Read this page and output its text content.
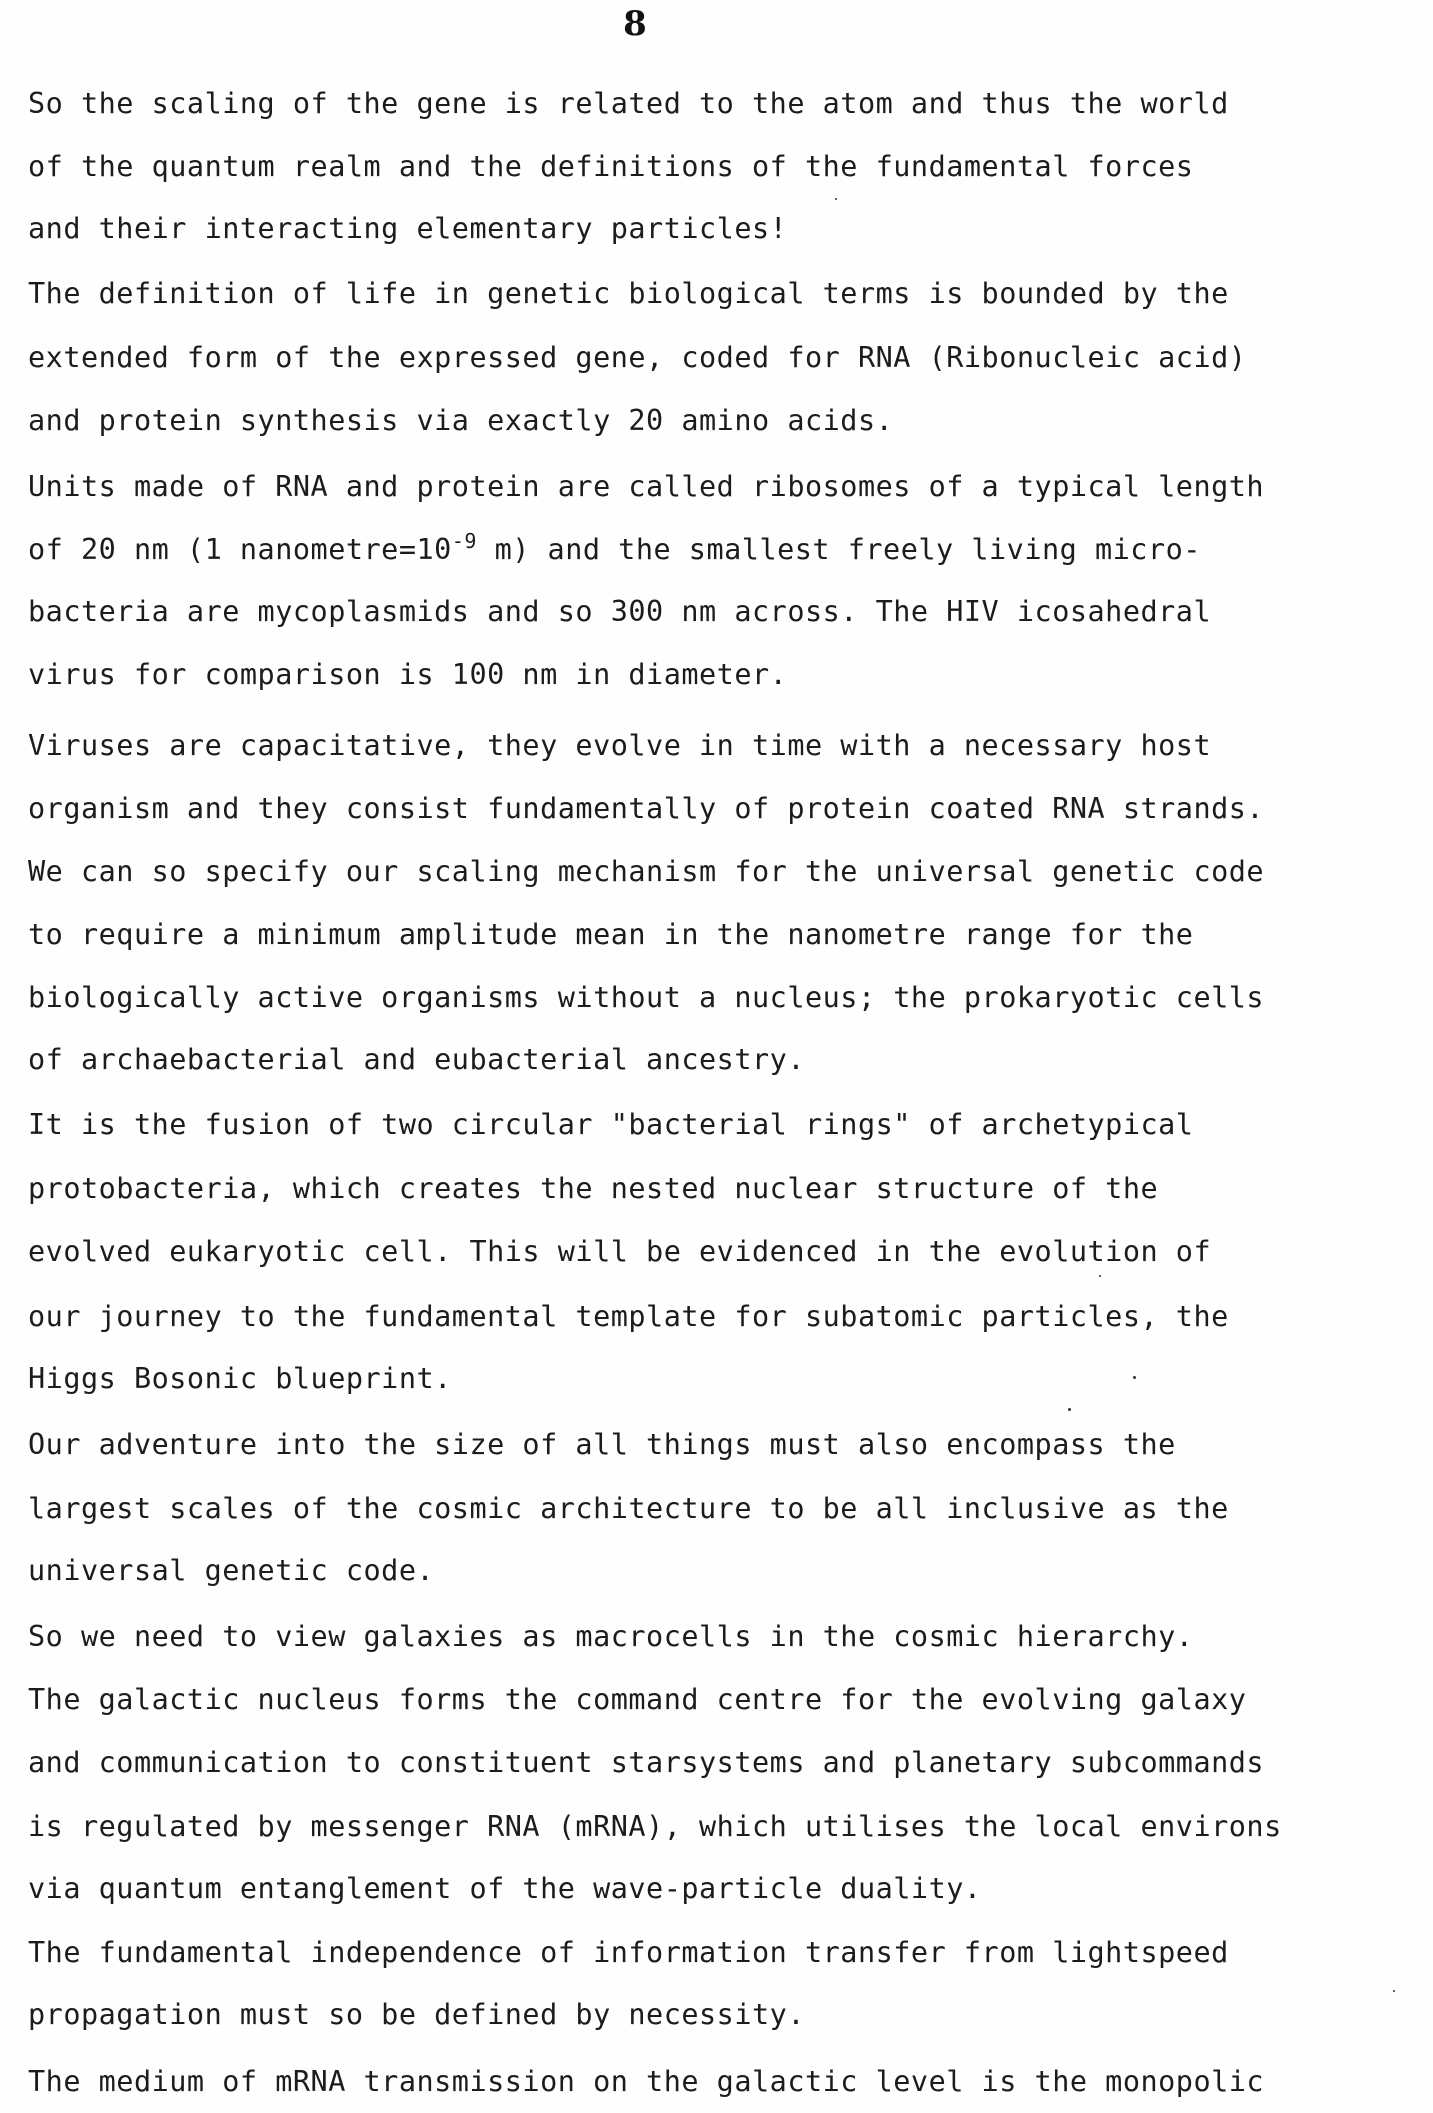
8
So the scaling of the gene is related to the atom and thus the world
of the quantum realm and the definitions of the fundamental forces
and their interacting elementary particles!
The definition of life in genetic biological terms is bounded by the
extended form of the expressed gene, coded for RNA (Ribonucleic acid)
and protein synthesis via exactly 20 amino acids.
Units made of RNA and protein are called ribosomes of a typical length
of 20 nm (1 $nanometre=10^{-9}$ m) and the smallest freely living micro-
bacteria are mycoplasmids and so 300 nm across. The HIV icosahedral
virus for comparison is 100 nm in diameter.
Viruses are capacitative, they evolve in time with a necessary host
organism and they consist fundamentally of protein coated RNA strands.
We can so specify our scaling mechanism for the universal genetic code
to require a minimum amplitude mean in the nanometre range for the
biologically active organisms without a nucleus; the prokaryotic cells
of archaebacterial and eubacterial ancestry.
It is the fusion of two circular "bacterial rings" of archetypical
protobacteria, which creates the nested nuclear structure of the
evolved eukaryotic cell. This will be evidenced in the evolution of
our journey to the fundamental template for subatomic particles, the
Higgs Bosonic blueprint.
Our adventure into the size of all things must also encompass the
largest scales of the cosmic architecture to be all inclusive as the
universal genetic code.
So we need to view galaxies as macrocells in the cosmic hierarchy.
The galactic nucleus forms the command centre for the evolving galaxy
and communication to constituent starsystems and planetary subcommands
is regulated by messenger RNA (mRNA), which utilises the local environs
via quantum entanglement of the wave-particle duality.
The fundamental independence of information transfer from lightspeed
propagation must so be defined by necessity.
The medium of mRNA transmission on the galactic level is the monopolic
